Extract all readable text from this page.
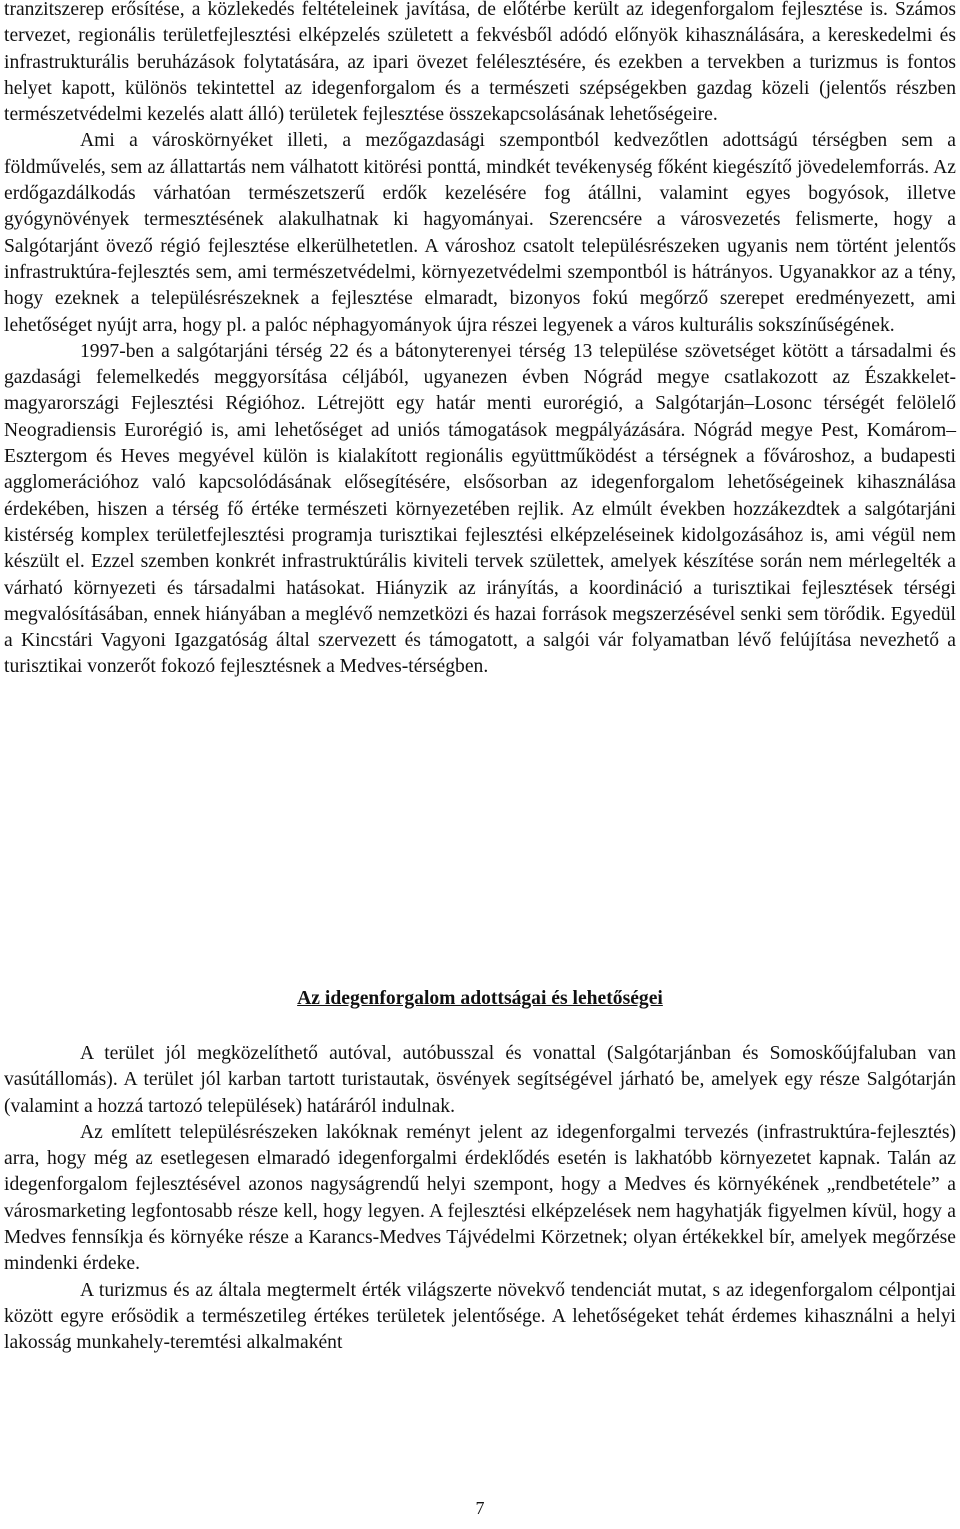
tranzitszerep erősítése, a közlekedés feltételeinek javítása, de előtérbe került az idegenforgalom fejlesztése is. Számos tervezet, regionális területfejlesztési elképzelés született a fekvésből adódó előnyök kihasználására, a kereskedelmi és infrastrukturális beruházások folytatására, az ipari övezet felélesztésére, és ezekben a tervekben a turizmus is fontos helyet kapott, különös tekintettel az idegenforgalom és a természeti szépségekben gazdag közeli (jelentős részben természetvédelmi kezelés alatt álló) területek fejlesztése összekapcsolásának lehetőségeire.

Ami a városkörnyéket illeti, a mezőgazdasági szempontból kedvezőtlen adottságú térségben sem a földművelés, sem az állattartás nem válhatott kitörési ponttá, mindkét tevékenység főként kiegészítő jövedelemforrás. Az erdőgazdálkodás várhatóan természetszerű erdők kezelésére fog átállni, valamint egyes bogyósok, illetve gyógynövények termesztésének alakulhatnak ki hagyományai. Szerencsére a városvezetés felismerte, hogy a Salgótarjánt övező régió fejlesztése elkerülhetetlen. A városhoz csatolt településrészeken ugyanis nem történt jelentős infrastruktúra-fejlesztés sem, ami természetvédelmi, környezetvédelmi szempontból is hátrányos. Ugyanakkor az a tény, hogy ezeknek a településrészeknek a fejlesztése elmaradt, bizonyos fokú megőrző szerepet eredményezett, ami lehetőséget nyújt arra, hogy pl. a palóc néphagyományok újra részei legyenek a város kulturális sokszínűségének.

1997-ben a salgótarjáni térség 22 és a bátonyterenyei térség 13 települése szövetséget kötött a társadalmi és gazdasági felemelkedés meggyorsítása céljából, ugyanezen évben Nógrád megye csatlakozott az Északkelet-magyarországi Fejlesztési Régióhoz. Létrejött egy határ menti eurorégió, a Salgótarján–Losonc térségét felölelő Neogradiensis Eurorégió is, ami lehetőséget ad uniós támogatások megpályázására. Nógrád megye Pest, Komárom–Esztergom és Heves megyével külön is kialakított regionális együttműködést a térségnek a fővároshoz, a budapesti agglomerációhoz való kapcsolódásának elősegítésére, elsősorban az idegenforgalom lehetőségeinek kihasználása érdekében, hiszen a térség fő értéke természeti környezetében rejlik. Az elmúlt években hozzákezdtek a salgótarjáni kistérség komplex területfejlesztési programja turisztikai fejlesztési elképzeléseinek kidolgozásához is, ami végül nem készült el. Ezzel szemben konkrét infrastruktúrális kiviteli tervek születtek, amelyek készítése során nem mérlegelték a várható környezeti és társadalmi hatásokat. Hiányzik az irányítás, a koordináció a turisztikai fejlesztések térségi megvalósításában, ennek hiányában a meglévő nemzetközi és hazai források megszerzésével senki sem törődik. Egyedül a Kincstári Vagyoni Igazgatóság által szervezett és támogatott, a salgói vár folyamatban lévő felújítása nevezhető a turisztikai vonzerőt fokozó fejlesztésnek a Medves-térségben.

Az idegenforgalom adottságai és lehetőségei

A terület jól megközelíthető autóval, autóbusszal és vonattal (Salgótarjánban és Somoskőújfaluban van vasútállomás). A terület jól karban tartott turistautak, ösvények segítségével járható be, amelyek egy része Salgótarján (valamint a hozzá tartozó települések) határáról indulnak.

Az említett településrészeken lakóknak reményt jelent az idegenforgalmi tervezés (infrastruktúra-fejlesztés) arra, hogy még az esetlegesen elmaradó idegenforgalmi érdeklődés esetén is lakhatóbb környezetet kapnak. Talán az idegenforgalom fejlesztésével azonos nagyságrendű helyi szempont, hogy a Medves és környékének „rendbetétele” a városmarketing legfontosabb része kell, hogy legyen. A fejlesztési elképzelések nem hagyhatják figyelmen kívül, hogy a Medves fennsíkja és környéke része a Karancs-Medves Tájvédelmi Körzetnek; olyan értékekkel bír, amelyek megőrzése mindenki érdeke.

A turizmus és az általa megtermelt érték világszerte növekvő tendenciát mutat, s az idegenforgalom célpontjai között egyre erősödik a természetileg értékes területek jelentősége. A lehetőségeket tehát érdemes kihasználni a helyi lakosság munkahely-teremtési alkalmaként

7
